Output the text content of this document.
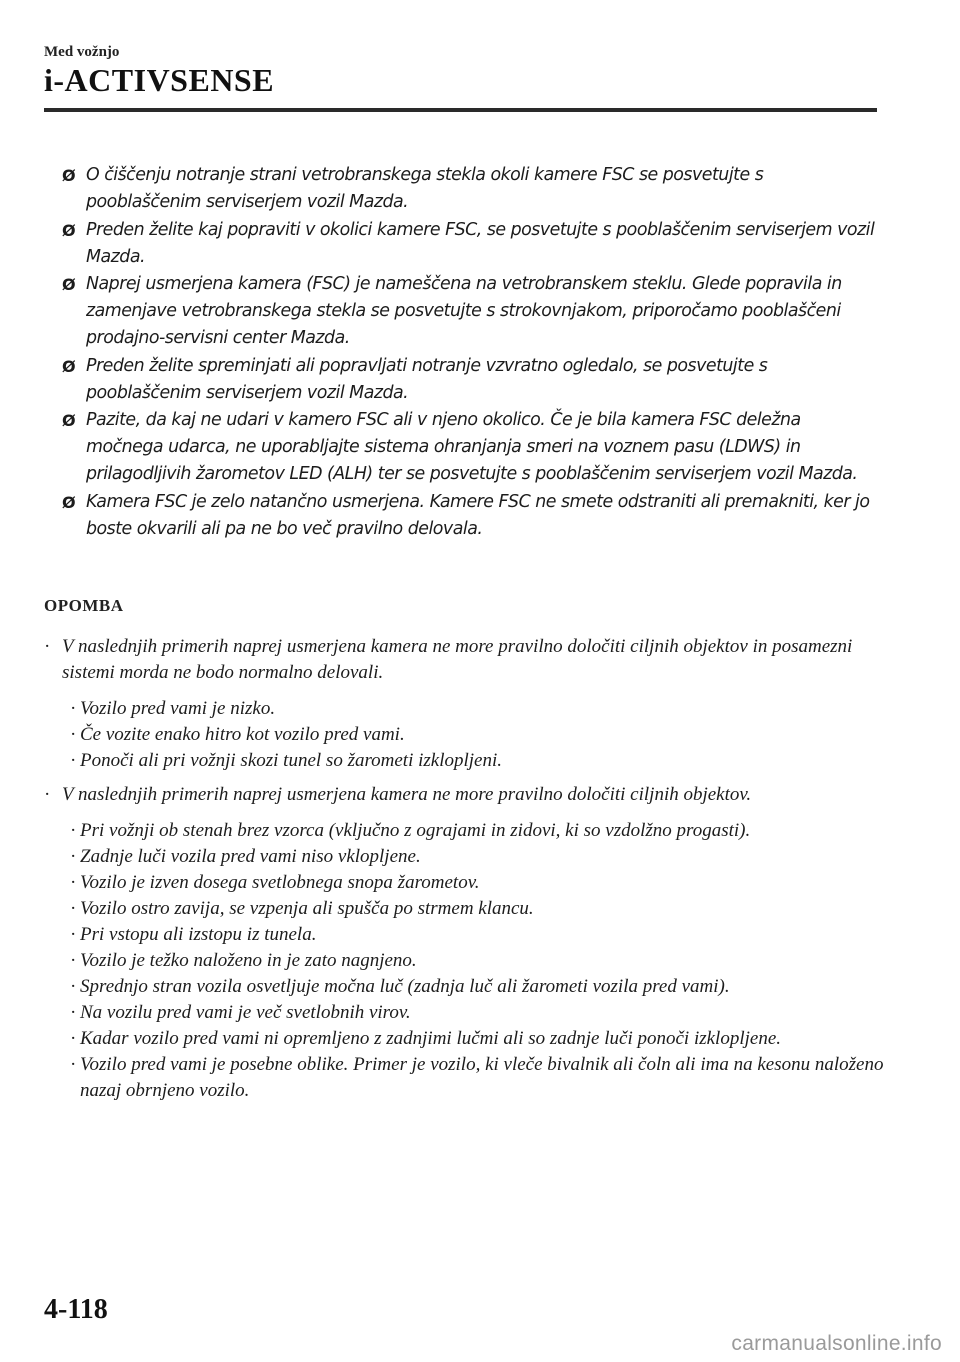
Med vožnjo
i-ACTIVSENSE
Ø O čiščenju notranje strani vetrobranskega stekla okoli kamere FSC se posvetujte s pooblaščenim serviserjem vozil Mazda.
Ø Preden želite kaj popraviti v okolici kamere FSC, se posvetujte s pooblaščenim serviserjem vozil Mazda.
Ø Naprej usmerjena kamera (FSC) je nameščena na vetrobranskem steklu. Glede popravila in zamenjave vetrobranskega stekla se posvetujte s strokovnjakom, priporočamo pooblaščeni prodajno-servisni center Mazda.
Ø Preden želite spreminjati ali popravljati notranje vzvratno ogledalo, se posvetujte s pooblaščenim serviserjem vozil Mazda.
Ø Pazite, da kaj ne udari v kamero FSC ali v njeno okolico. Če je bila kamera FSC deležna močnega udarca, ne uporabljajte sistema ohranjanja smeri na voznem pasu (LDWS) in prilagodljivih žarometov LED (ALH) ter se posvetujte s pooblaščenim serviserjem vozil Mazda.
Ø Kamera FSC je zelo natančno usmerjena. Kamere FSC ne smete odstraniti ali premakniti, ker jo boste okvarili ali pa ne bo več pravilno delovala.
OPOMBA
· V naslednjih primerih naprej usmerjena kamera ne more pravilno določiti ciljnih objektov in posamezni sistemi morda ne bodo normalno delovali.
· Vozilo pred vami je nizko.
· Če vozite enako hitro kot vozilo pred vami.
· Ponoči ali pri vožnji skozi tunel so žarometi izklopljeni.
· V naslednjih primerih naprej usmerjena kamera ne more pravilno določiti ciljnih objektov.
· Pri vožnji ob stenah brez vzorca (vključno z ograjami in zidovi, ki so vzdolžno progasti).
· Zadnje luči vozila pred vami niso vklopljene.
· Vozilo je izven dosega svetlobnega snopa žarometov.
· Vozilo ostro zavija, se vzpenja ali spušča po strmem klancu.
· Pri vstopu ali izstopu iz tunela.
· Vozilo je težko naloženo in je zato nagnjeno.
· Sprednjo stran vozila osvetljuje močna luč (zadnja luč ali žarometi vozila pred vami).
· Na vozilu pred vami je več svetlobnih virov.
· Kadar vozilo pred vami ni opremljeno z zadnjimi lučmi ali so zadnje luči ponoči izklopljene.
· Vozilo pred vami je posebne oblike. Primer je vozilo, ki vleče bivalnik ali čoln ali ima na kesonu naloženo nazaj obrnjeno vozilo.
4-118
carmanualsonline.info
